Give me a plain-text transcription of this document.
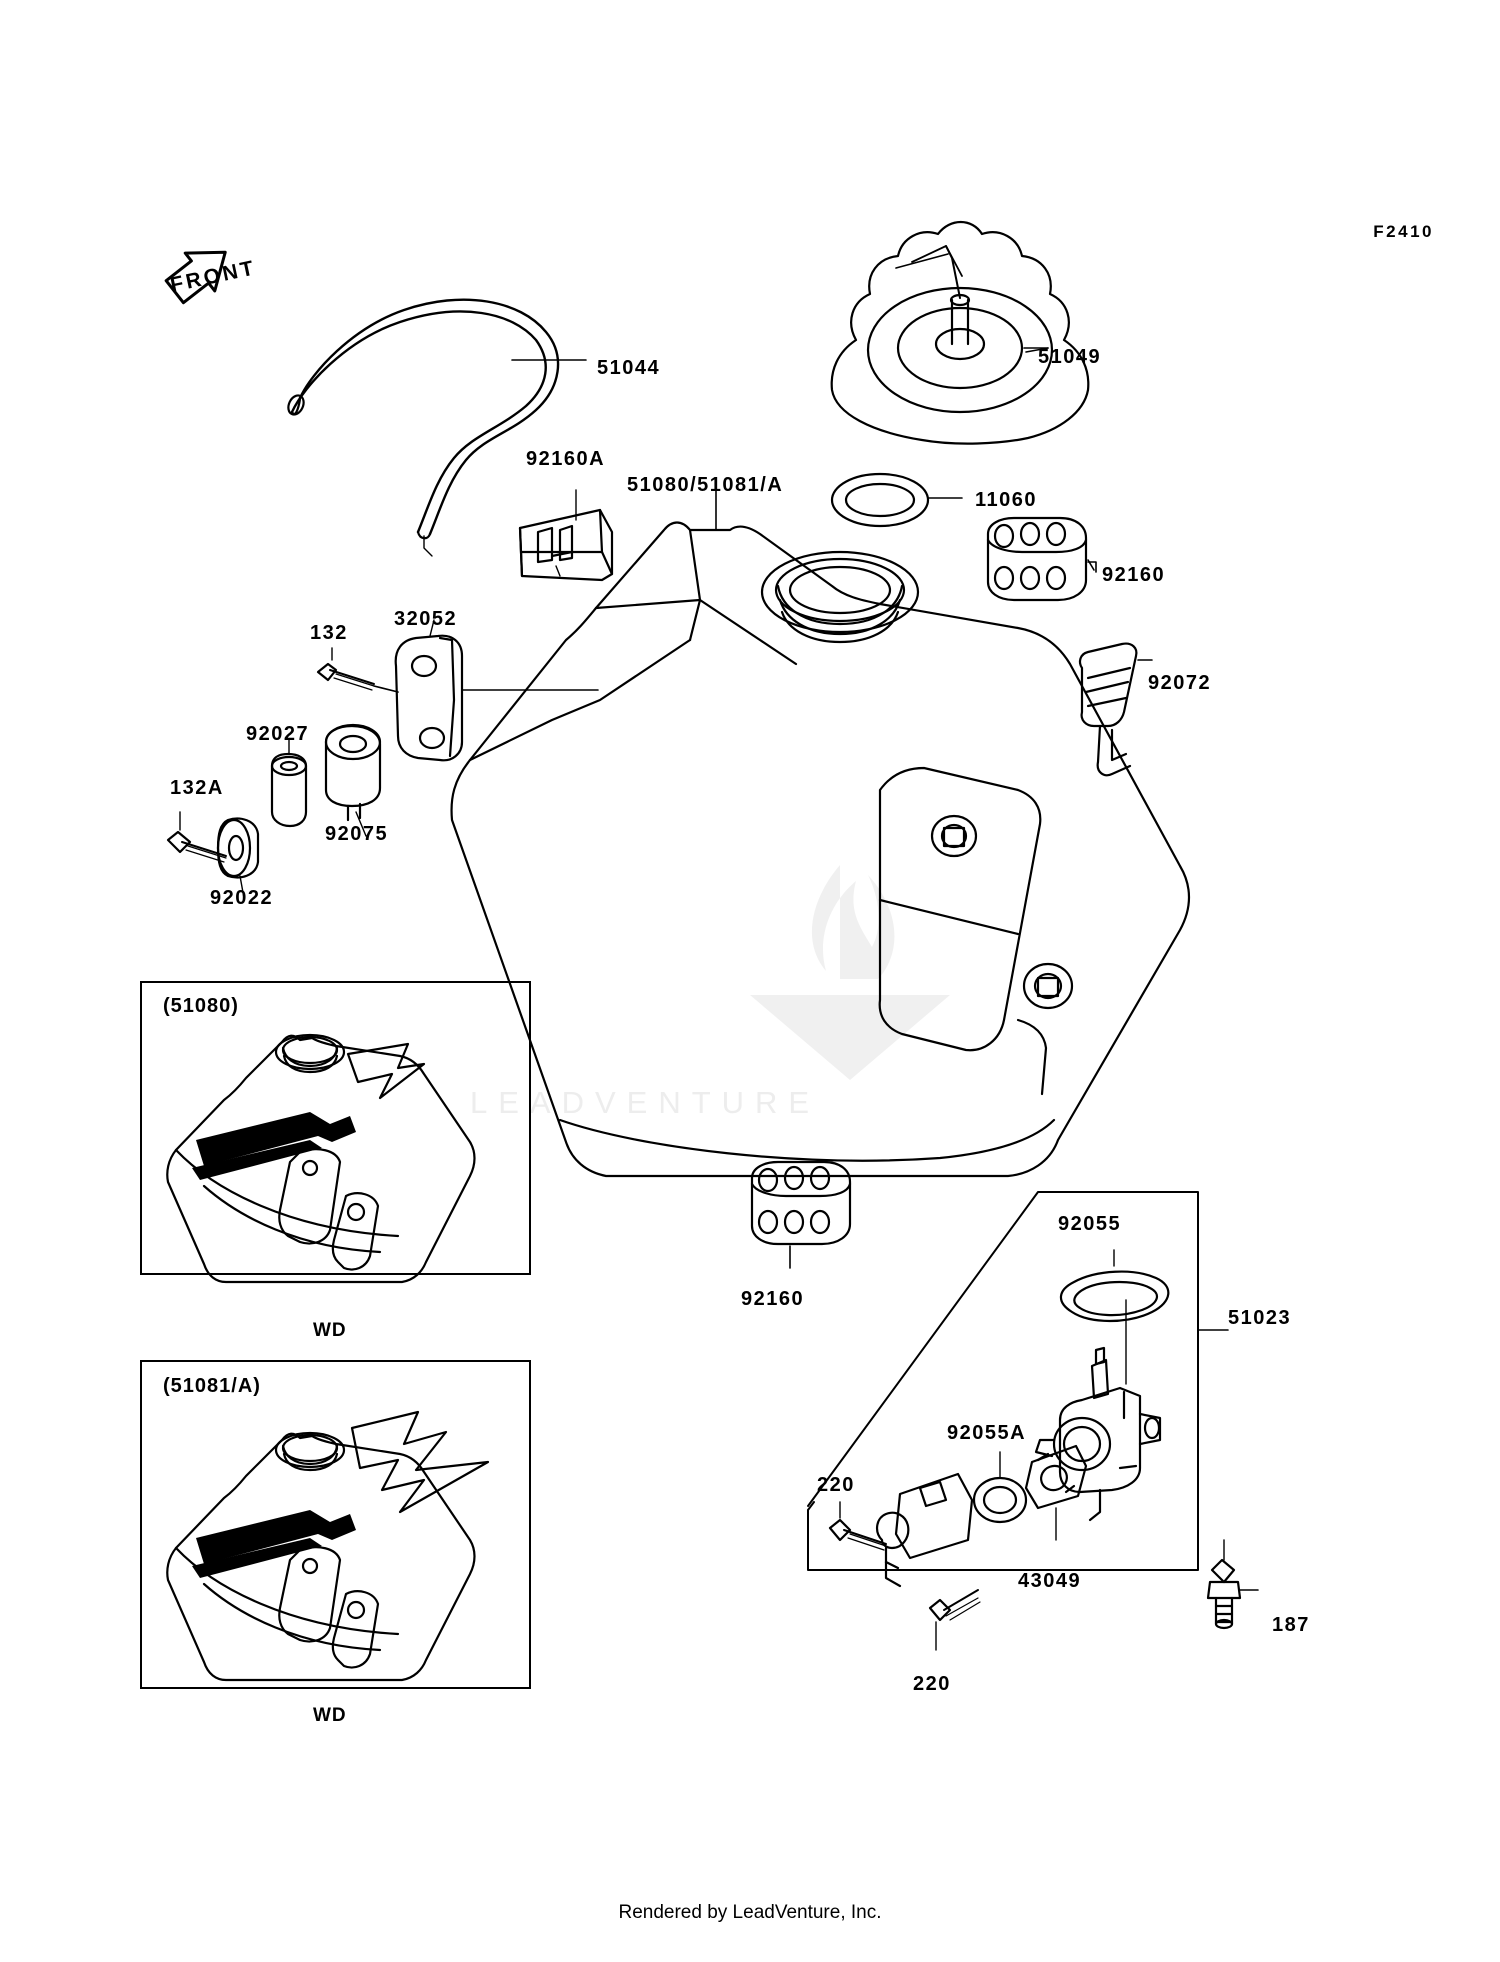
F2410
LEADVENTURE
FRONT
(51080)
WD
(51081/A)
WD
51044	51049
92160A
51080/51081/A
11060
92160
92072
132
32052
92027
132A
92075
92022
92160
92055
51023
92055A
220
43049
220
187
Rendered by LeadVenture, Inc.
